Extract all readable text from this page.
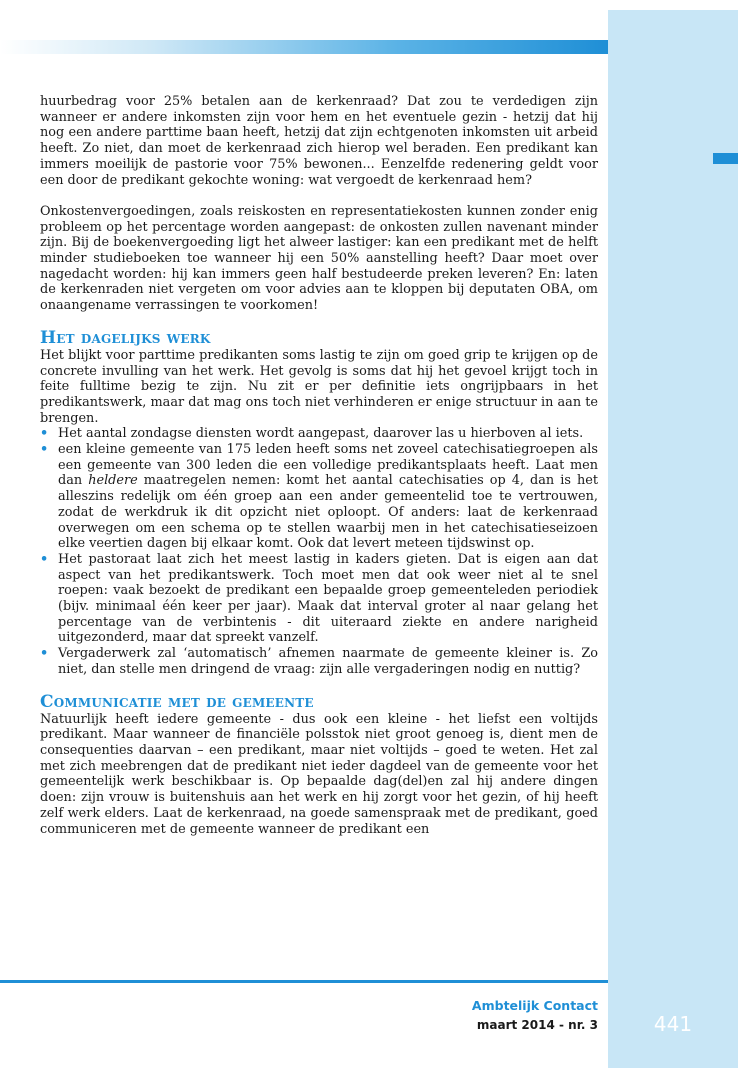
huurbedrag voor 25% betalen aan de kerkenraad? Dat zou te verdedigen zijn wanneer er andere inkomsten zijn voor hem en het eventuele gezin - hetzij dat hij nog een andere parttime baan heeft, hetzij dat zijn echtgenoten inkomsten uit arbeid heeft. Zo niet, dan moet de kerkenraad zich hierop wel beraden. Een predikant kan immers moeilijk de pastorie voor 75% bewonen... Eenzelfde redenering geldt voor een door de predikant gekochte woning: wat vergoedt de kerkenraad hem?

Onkostenvergoedingen, zoals reiskosten en representatiekosten kunnen zonder enig probleem op het percentage worden aangepast: de onkosten zullen navenant minder zijn. Bij de boekenvergoeding ligt het alweer lastiger: kan een predikant met de helft minder studieboeken toe wanneer hij een 50% aanstelling heeft? Daar moet over nagedacht worden: hij kan immers geen half bestudeerde preken leveren? En: laten de kerkenraden niet vergeten om voor advies aan te kloppen bij deputaten OBA, om onaangename verrassingen te voorkomen!

Het dagelijks werk

Het blijkt voor parttime predikanten soms lastig te zijn om goed grip te krijgen op de concrete invulling van het werk. Het gevolg is soms dat hij het gevoel krijgt toch in feite fulltime bezig te zijn. Nu zit er per definitie iets ongrijpbaars in het predikantswerk, maar dat mag ons toch niet verhinderen er enige structuur in aan te brengen.

• Het aantal zondagse diensten wordt aangepast, daarover las u hierboven al iets.
• een kleine gemeente van 175 leden heeft soms net zoveel catechisatiegroepen als een gemeente van 300 leden die een volledige predikantsplaats heeft. Laat men dan heldere maatregelen nemen: komt het aantal catechisaties op 4, dan is het alleszins redelijk om één groep aan een ander gemeentelid toe te vertrouwen, zodat de werkdruk ik dit opzicht niet oploopt. Of anders: laat de kerkenraad overwegen om een schema op te stellen waarbij men in het catechisatieseizoen elke veertien dagen bij elkaar komt. Ook dat levert meteen tijdswinst op.
• Het pastoraat laat zich het meest lastig in kaders gieten. Dat is eigen aan dat aspect van het predikantswerk. Toch moet men dat ook weer niet al te snel roepen: vaak bezoekt de predikant een bepaalde groep gemeenteleden periodiek (bijv. minimaal één keer per jaar). Maak dat interval groter al naar gelang het percentage van de verbintenis - dit uiteraard ziekte en andere narigheid uitgezonderd, maar dat spreekt vanzelf.
• Vergaderwerk zal ‘automatisch’ afnemen naarmate de gemeente kleiner is. Zo niet, dan stelle men dringend de vraag: zijn alle vergaderingen nodig en nuttig?
Communicatie met de gemeente

Natuurlijk heeft iedere gemeente - dus ook een kleine - het liefst een voltijds predikant. Maar wanneer de financiële polsstok niet groot genoeg is, dient men de consequenties daarvan – een predikant, maar niet voltijds – goed te weten. Het zal met zich meebrengen dat de predikant niet ieder dagdeel van de gemeente voor het gemeentelijk werk beschikbaar is. Op bepaalde dag(del)en zal hij andere dingen doen: zijn vrouw is buitenshuis aan het werk en hij zorgt voor het gezin, of hij heeft zelf werk elders. Laat de kerkenraad, na goede samenspraak met de predikant, goed communiceren met de gemeente wanneer de predikant een

Ambtelijk Contact
maart 2014 - nr. 3	441
